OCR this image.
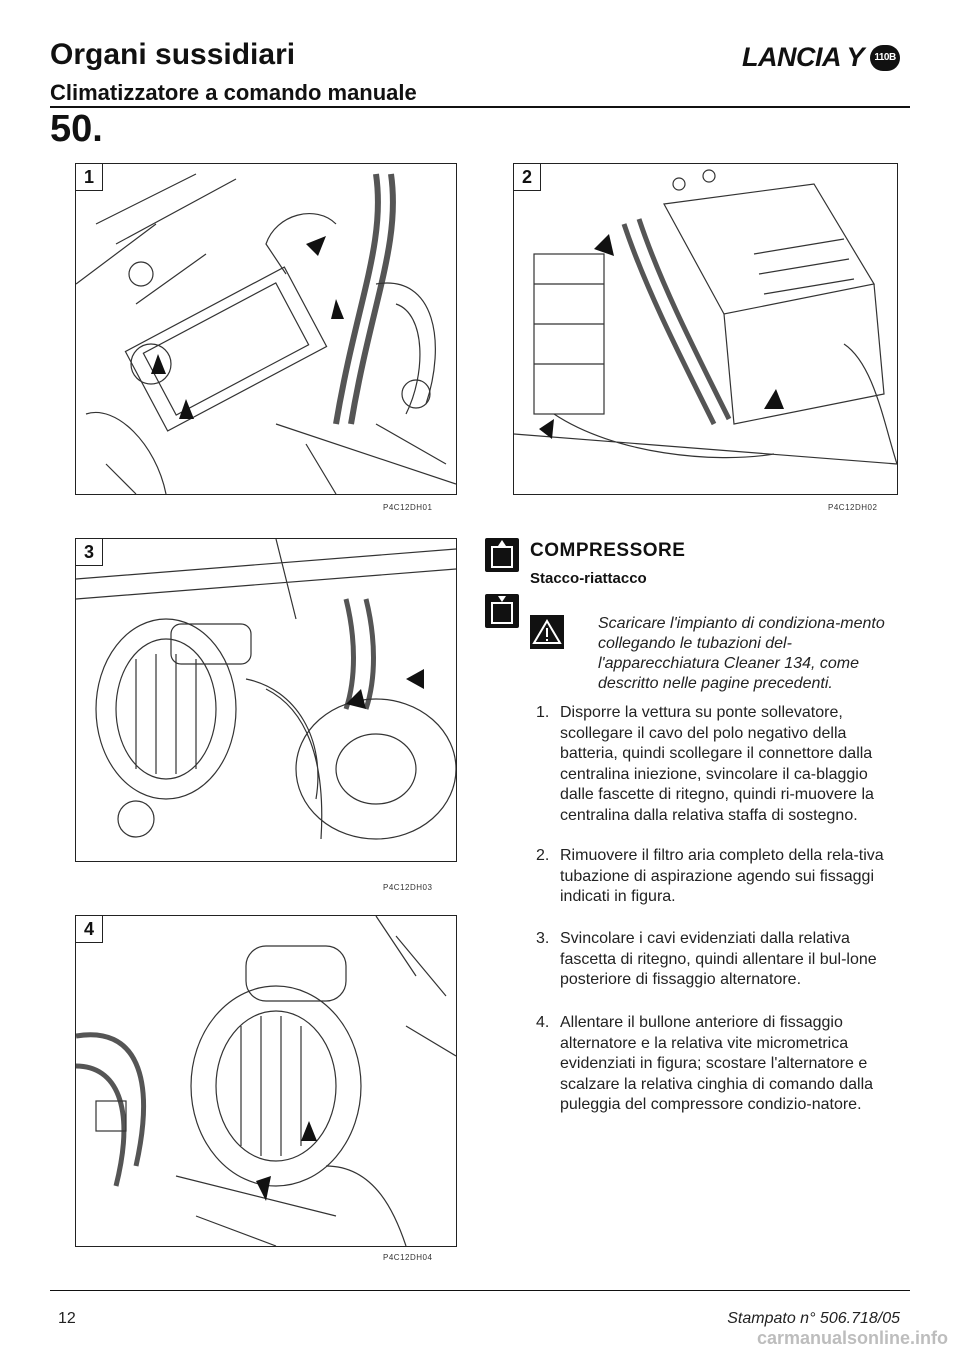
Organi sussidiari
Climatizzatore a comando manuale
LANCIA Y	110B
50.
1
P4C12DH01
2
P4C12DH02
3
P4C12DH03
4
P4C12DH04
COMPRESSORE
Stacco-riattacco
Scaricare l'impianto di condiziona-mento collegando le tubazioni del-l'apparecchiatura Cleaner 134, come descritto nelle pagine precedenti.
1. Disporre la vettura su ponte sollevatore, scollegare il cavo del polo negativo della batteria, quindi scollegare il connettore dalla centralina iniezione, svincolare il ca-blaggio dalle fascette di ritegno, quindi ri-muovere la centralina dalla relativa staffa di sostegno.
2. Rimuovere il filtro aria completo della rela-tiva tubazione di aspirazione agendo sui fissaggi indicati in figura.
3. Svincolare i cavi evidenziati dalla relativa fascetta di ritegno, quindi allentare il bul-lone posteriore di fissaggio alternatore.
4. Allentare il bullone anteriore di fissaggio alternatore e la relativa vite micrometrica evidenziati in figura; scostare l'alternatore e scalzare la relativa cinghia di comando dalla puleggia del compressore condizio-natore.
12	Stampato n° 506.718/05
carmanualsonline.info
